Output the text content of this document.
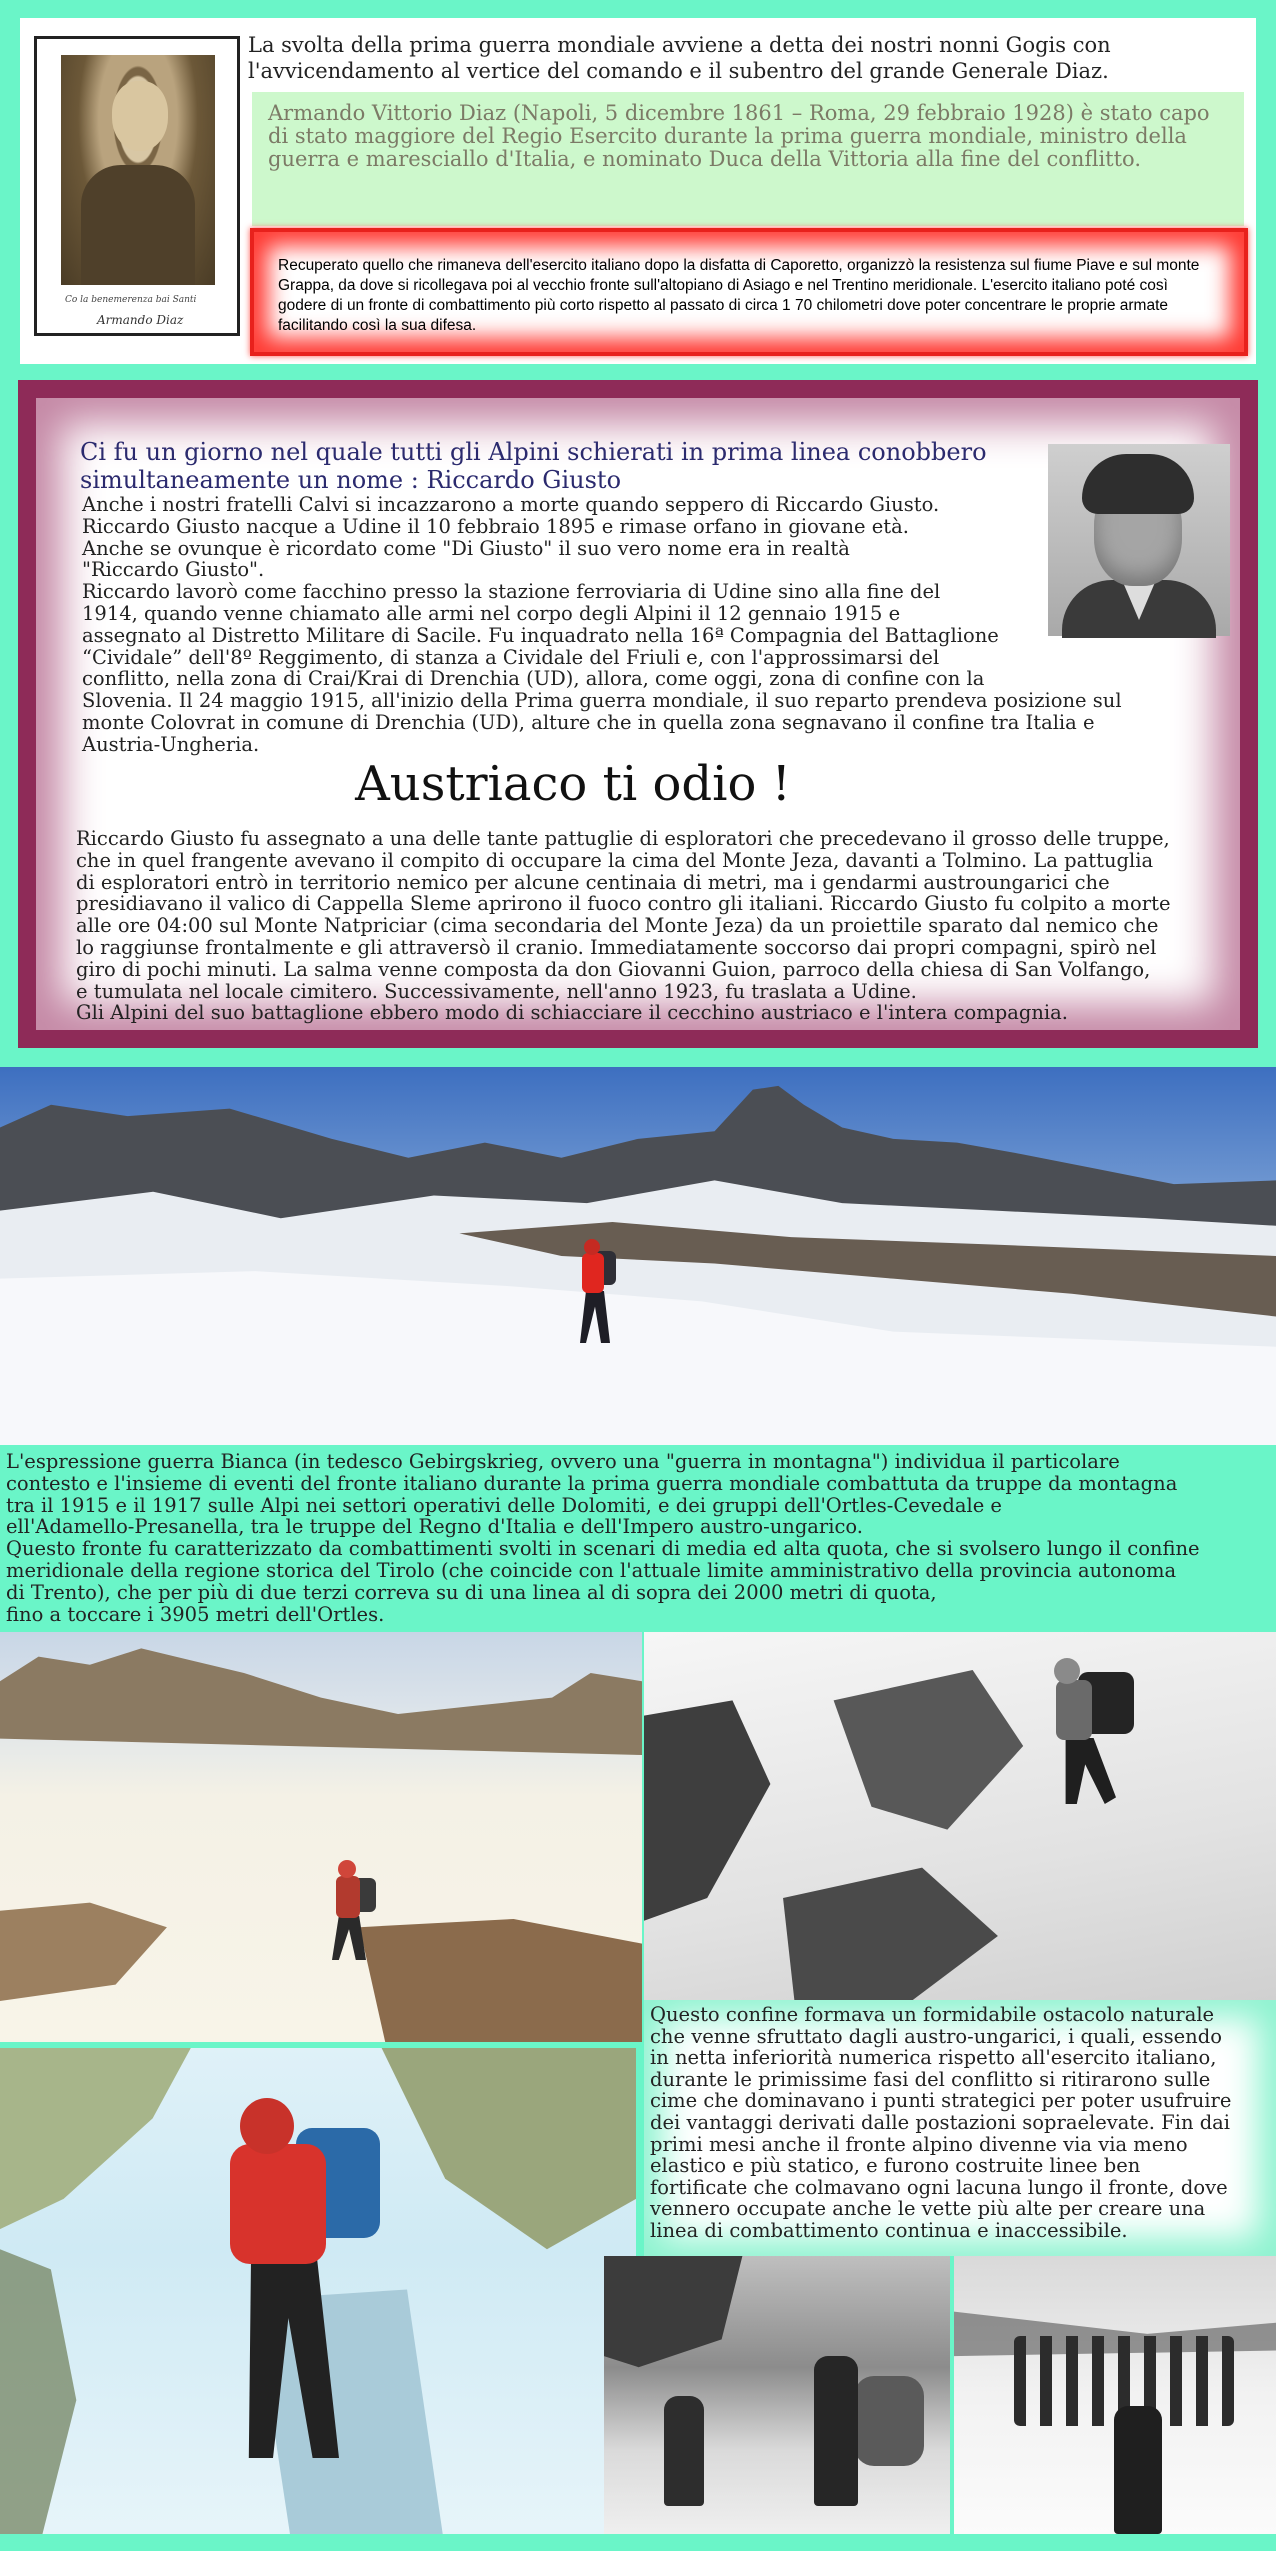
Co la benemerenza bai Santi
Armando Diaz
La svolta della prima guerra mondiale avviene a detta dei nostri nonni Gogis con l'avvicendamento al vertice del comando e il subentro del grande Generale Diaz.
Armando Vittorio Diaz (Napoli, 5 dicembre 1861 – Roma, 29 febbraio 1928) è stato capo di stato maggiore del Regio Esercito durante la prima guerra mondiale, ministro della guerra e maresciallo d'Italia, e nominato Duca della Vittoria alla fine del conflitto.
Recuperato quello che rimaneva dell'esercito italiano dopo la disfatta di Caporetto, organizzò la resistenza sul fiume Piave e sul monte Grappa, da dove si ricollegava poi al vecchio fronte sull'altopiano di Asiago e nel Trentino meridionale. L'esercito italiano poté così godere di un fronte di combattimento più corto rispetto al passato di circa 1 70 chilometri dove poter concentrare le proprie armate facilitando così la sua difesa.
Ci fu un giorno nel quale tutti gli Alpini schierati in prima linea conobbero
simultaneamente un nome : Riccardo Giusto
Anche i nostri fratelli Calvi si incazzarono a morte quando seppero di Riccardo Giusto.
Riccardo Giusto nacque a Udine il 10 febbraio 1895 e rimase orfano in giovane età.
Anche se ovunque è ricordato come "Di Giusto" il suo vero nome era in realtà
"Riccardo Giusto".
Riccardo lavorò come facchino presso la stazione ferroviaria di Udine sino alla fine del
1914, quando venne chiamato alle armi nel corpo degli Alpini il 12 gennaio 1915 e
assegnato al Distretto Militare di Sacile. Fu inquadrato nella 16ª Compagnia del Battaglione
“Cividale” dell'8º Reggimento, di stanza a Cividale del Friuli e, con l'approssimarsi del
conflitto, nella zona di Crai/Krai di Drenchia (UD), allora, come oggi, zona di confine con la
Slovenia. Il 24 maggio 1915, all'inizio della Prima guerra mondiale, il suo reparto prendeva posizione sul
monte Colovrat in comune di Drenchia (UD), alture che in quella zona segnavano il confine tra Italia e
Austria-Ungheria.
Austriaco ti odio !
Riccardo Giusto fu assegnato a una delle tante pattuglie di esploratori che precedevano il grosso delle truppe,
che in quel frangente avevano il compito di occupare la cima del Monte Jeza, davanti a Tolmino. La pattuglia
di esploratori entrò in territorio nemico per alcune centinaia di metri, ma i gendarmi austroungarici che
presidiavano il valico di Cappella Sleme aprirono il fuoco contro gli italiani. Riccardo Giusto fu colpito a morte
alle ore 04:00 sul Monte Natpriciar (cima secondaria del Monte Jeza) da un proiettile sparato dal nemico che
lo raggiunse frontalmente e gli attraversò il cranio. Immediatamente soccorso dai propri compagni, spirò nel
giro di pochi minuti. La salma venne composta da don Giovanni Guion, parroco della chiesa di San Volfango,
e tumulata nel locale cimitero. Successivamente, nell'anno 1923, fu traslata a Udine.
Gli Alpini del suo battaglione ebbero modo di schiacciare il cecchino austriaco e l'intera compagnia.
L'espressione guerra Bianca (in tedesco Gebirgskrieg, ovvero una "guerra in montagna") individua il particolare
contesto e l'insieme di eventi del fronte italiano durante la prima guerra mondiale combattuta da truppe da montagna
tra il 1915 e il 1917 sulle Alpi nei settori operativi delle Dolomiti, e dei gruppi dell'Ortles-Cevedale e
ell'Adamello-Presanella, tra le truppe del Regno d'Italia e dell'Impero austro-ungarico.
Questo fronte fu caratterizzato da combattimenti svolti in scenari di media ed alta quota, che si svolsero lungo il confine
meridionale della regione storica del Tirolo (che coincide con l'attuale limite amministrativo della provincia autonoma
di Trento), che per più di due terzi correva su di una linea al di sopra dei 2000 metri di quota,
fino a toccare i 3905 metri dell'Ortles.
Questo confine formava un formidabile ostacolo naturale
che venne sfruttato dagli austro-ungarici, i quali, essendo
in netta inferiorità numerica rispetto all'esercito italiano,
durante le primissime fasi del conflitto si ritirarono sulle
cime che dominavano i punti strategici per poter usufruire
dei vantaggi derivati dalle postazioni sopraelevate. Fin dai
primi mesi anche il fronte alpino divenne via via meno
elastico e più statico, e furono costruite linee ben
fortificate che colmavano ogni lacuna lungo il fronte, dove
vennero occupate anche le vette più alte per creare una
linea di combattimento continua e inaccessibile.
